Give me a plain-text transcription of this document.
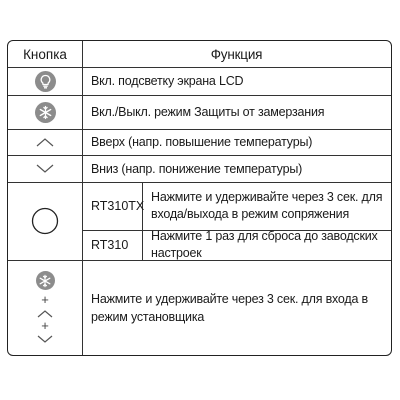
Кнопка	Функция
Вкл. подсветку экрана LCD
Вкл./Выкл. режим Защиты от замерзания
Вверх (напр. повышение температуры)
Вниз (напр. понижение температуры)
RT310TX
Нажмите и удерживайте через 3 сек. для входа/выхода в режим сопряжения
RT310
Нажмите 1 раз для сброса до заводских настроек
+
+
Нажмите и удерживайте через 3 сек. для входа в режим установщика
